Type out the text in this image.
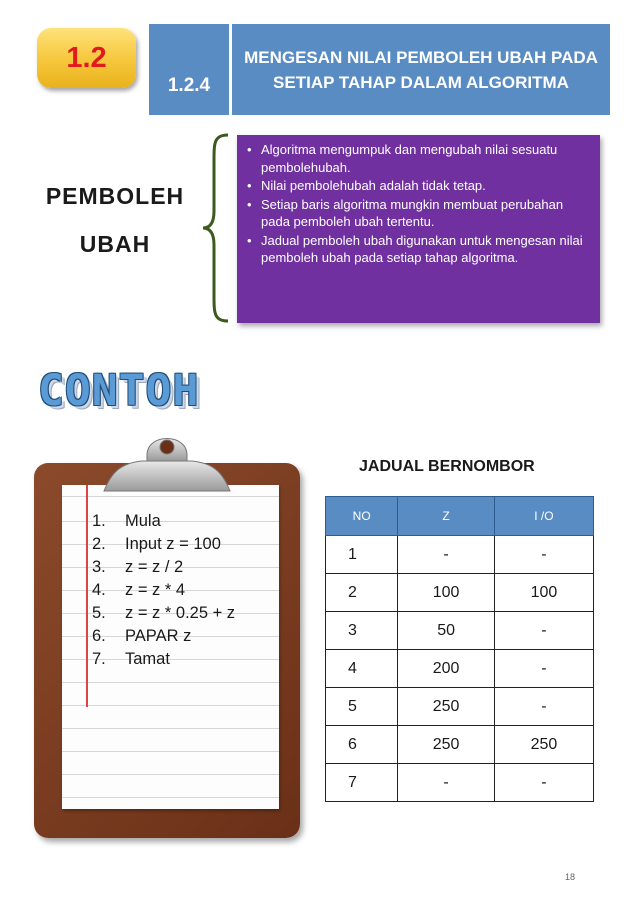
1.2
1.2.4
MENGESAN NILAI PEMBOLEH UBAH PADA SETIAP TAHAP DALAM ALGORITMA
PEMBOLEH
UBAH
• Algoritma mengumpuk dan mengubah nilai sesuatu pembolehubah.
• Nilai pembolehubah adalah tidak tetap.
• Setiap baris algoritma mungkin membuat perubahan pada pemboleh ubah tertentu.
• Jadual pemboleh ubah digunakan untuk mengesan nilai pemboleh ubah pada setiap tahap algoritma.
CONTOH
1.	Mula
2.	Input z = 100
3.	z = z / 2
4.	z = z * 4
5.	z = z * 0.25 + z
6.	PAPAR z
7.	Tamat
JADUAL BERNOMBOR
NO	Z	I /O
1	-	-
2	100	100
3	50	-
4	200	-
5	250	-
6	250	250
7	-	-
18
